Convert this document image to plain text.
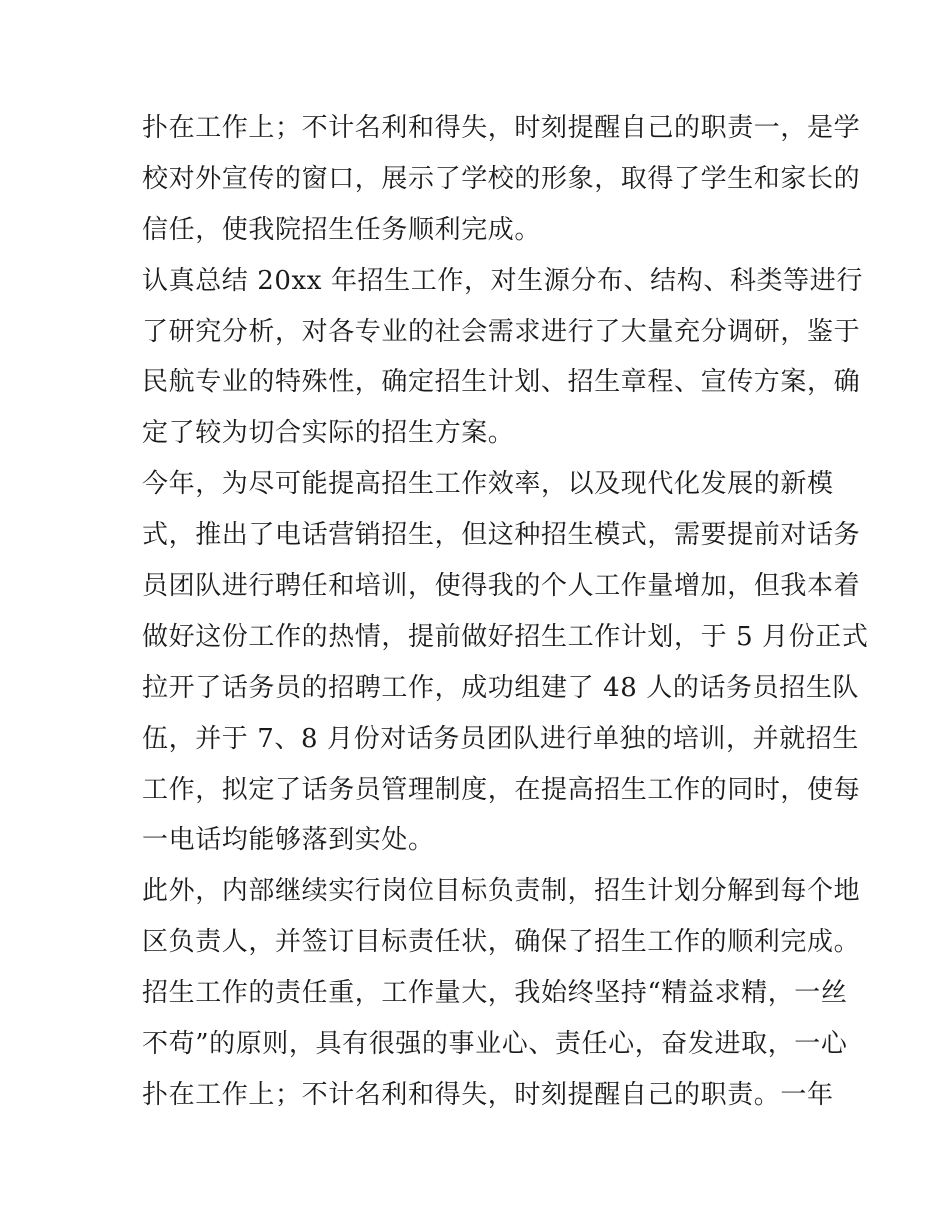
扑在工作上；不计名利和得失，时刻提醒自己的职责一，是学
校对外宣传的窗口，展示了学校的形象，取得了学生和家长的
信任，使我院招生任务顺利完成。
认真总结 20xx 年招生工作，对生源分布、结构、科类等进行
了研究分析，对各专业的社会需求进行了大量充分调研，鉴于
民航专业的特殊性，确定招生计划、招生章程、宣传方案，确
定了较为切合实际的招生方案。
今年，为尽可能提高招生工作效率，以及现代化发展的新模
式，推出了电话营销招生，但这种招生模式，需要提前对话务
员团队进行聘任和培训，使得我的个人工作量增加，但我本着
做好这份工作的热情，提前做好招生工作计划，于 5 月份正式
拉开了话务员的招聘工作，成功组建了 48 人的话务员招生队
伍，并于 7、8 月份对话务员团队进行单独的培训，并就招生
工作，拟定了话务员管理制度，在提高招生工作的同时，使每
一电话均能够落到实处。
此外，内部继续实行岗位目标负责制，招生计划分解到每个地
区负责人，并签订目标责任状，确保了招生工作的顺利完成。
招生工作的责任重，工作量大，我始终坚持“精益求精，一丝
不苟”的原则，具有很强的事业心、责任心，奋发进取，一心
扑在工作上；不计名利和得失，时刻提醒自己的职责。一年
